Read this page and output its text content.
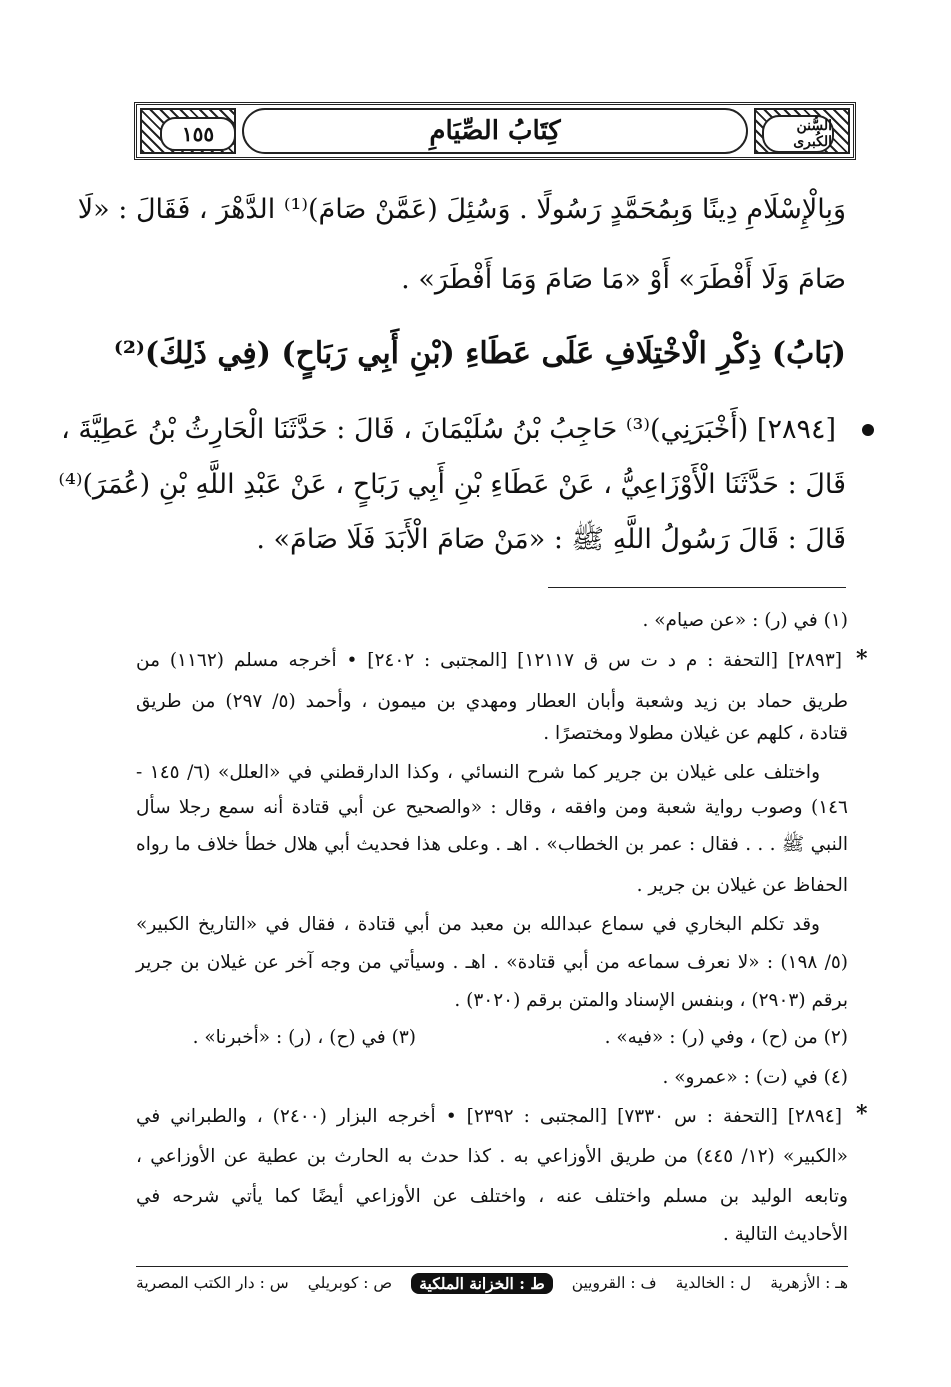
١٥٥	كِتَابُ الصِّيَامِ	السُّنن الكُبرى
وَبِالْإِسْلَامِ دِينًا وَبِمُحَمَّدٍ رَسُولًا . وَسُئِلَ (عَمَّنْ صَامَ)⁽¹⁾ الدَّهْرَ ، فَقَالَ : «لَا
صَامَ وَلَا أَفْطَرَ» أَوْ «مَا صَامَ وَمَا أَفْطَرَ» .
(بَابُ) ذِكْرِ الْاخْتِلَافِ عَلَى عَطَاءِ (بْنِ أَبِي رَبَاحٍ) (فِي ذَلِكَ)⁽²⁾
[٢٨٩٤] (أَخْبَرَنِي)⁽³⁾ حَاجِبُ بْنُ سُلَيْمَانَ ، قَالَ : حَدَّثَنَا الْحَارِثُ بْنُ عَطِيَّةَ ،
قَالَ : حَدَّثَنَا الْأَوْزَاعِيُّ ، عَنْ عَطَاءِ بْنِ أَبِي رَبَاحٍ ، عَنْ عَبْدِ اللَّهِ بْنِ (عُمَرَ)⁽⁴⁾
قَالَ : قَالَ رَسُولُ اللَّهِ ﷺ : «مَنْ صَامَ الْأَبَدَ فَلَا صَامَ» .
(١) في (ر) : «عن صيام» .
*
[٢٨٩٣] [التحفة : م د ت س ق ١٢١١٧] [المجتبى : ٢٤٠٢] • أخرجه مسلم (١١٦٢) من
طريق حماد بن زيد وشعبة وأبان العطار ومهدي بن ميمون ، وأحمد (٥/ ٢٩٧) من طريق
قتادة ، كلهم عن غيلان مطولا ومختصرًا .
واختلف على غيلان بن جرير كما شرح النسائي ، وكذا الدارقطني في «العلل» (٦/ ١٤٥ -
١٤٦) وصوب رواية شعبة ومن وافقه ، وقال : «والصحيح عن أبي قتادة أنه سمع رجلا سأل
النبي ﷺ . . . فقال : عمر بن الخطاب» . اهـ . وعلى هذا فحديث أبي هلال خطأ خلاف ما رواه
الحفاظ عن غيلان بن جرير .
وقد تكلم البخاري في سماع عبدالله بن معبد من أبي قتادة ، فقال في «التاريخ الكبير»
(٥/ ١٩٨) : «لا نعرف سماعه من أبي قتادة» . اهـ . وسيأتي من وجه آخر عن غيلان بن جرير
برقم (٢٩٠٣) ، وبنفس الإسناد والمتن برقم (٣٠٢٠) .
(٢) من (ح) ، وفي (ر) : «فيه» .
(٣) في (ح) ، (ر) : «أخبرنا» .
(٤) في (ت) : «عمرو» .
*
[٢٨٩٤] [التحفة : س ٧٣٣٠] [المجتبى : ٢٣٩٢] • أخرجه البزار (٢٤٠٠) ، والطبراني في
«الكبير» (١٢/ ٤٤٥) من طريق الأوزاعي به . كذا حدث به الحارث بن عطية عن الأوزاعي ،
وتابعه الوليد بن مسلم واختلف عنه ، واختلف عن الأوزاعي أيضًا كما يأتي شرحه في
الأحاديث التالية .
س : دار الكتب المصرية ص : كوبريلي	ط : الخزانة الملكية	ف : القرويين ل : الخالدية هـ : الأزهرية
